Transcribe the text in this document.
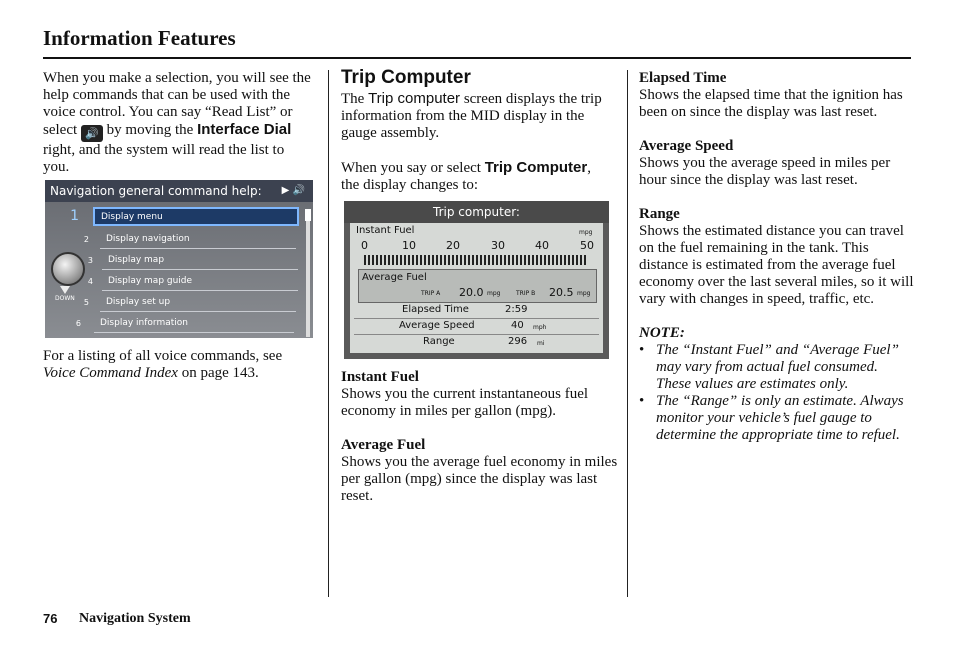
Information Features

When you make a selection, you will see the help commands that can be used with the voice control. You can say “Read List” or select 🔊 by moving the Interface Dial right, and the system will read the list to you.

Navigation general command help: ▶ 🔊
DOWN
1	Display menu
2	Display navigation
3	Display map
4	Display map guide
5	Display set up
6	Display information

For a listing of all voice commands, see Voice Command Index on page 143.

Trip Computer

The Trip computer screen displays the trip information from the MID display in the gauge assembly.

When you say or select Trip Computer, the display changes to:

Trip computer:
Instant Fuel	mpg
0	10	20	30	40	50
Average Fuel
TRIP A 20.0 mpg	TRIP B 20.5 mpg
Elapsed Time	2:59
Average Speed	40 mph
Range	296 mi

Instant Fuel

Shows you the current instantaneous fuel economy in miles per gallon (mpg).

Average Fuel

Shows you the average fuel economy in miles per gallon (mpg) since the display was last reset.

Elapsed Time

Shows the elapsed time that the ignition has been on since the display was last reset.

Average Speed

Shows you the average speed in miles per hour since the display was last reset.

Range

Shows the estimated distance you can travel on the fuel remaining in the tank. This distance is estimated from the average fuel economy over the last several miles, so it will vary with changes in speed, traffic, etc.

NOTE:

• The “Instant Fuel” and “Average Fuel” may vary from actual fuel consumed. These values are estimates only.
• The “Range” is only an estimate. Always monitor your vehicle’s fuel gauge to determine the appropriate time to refuel.
76 Navigation System
